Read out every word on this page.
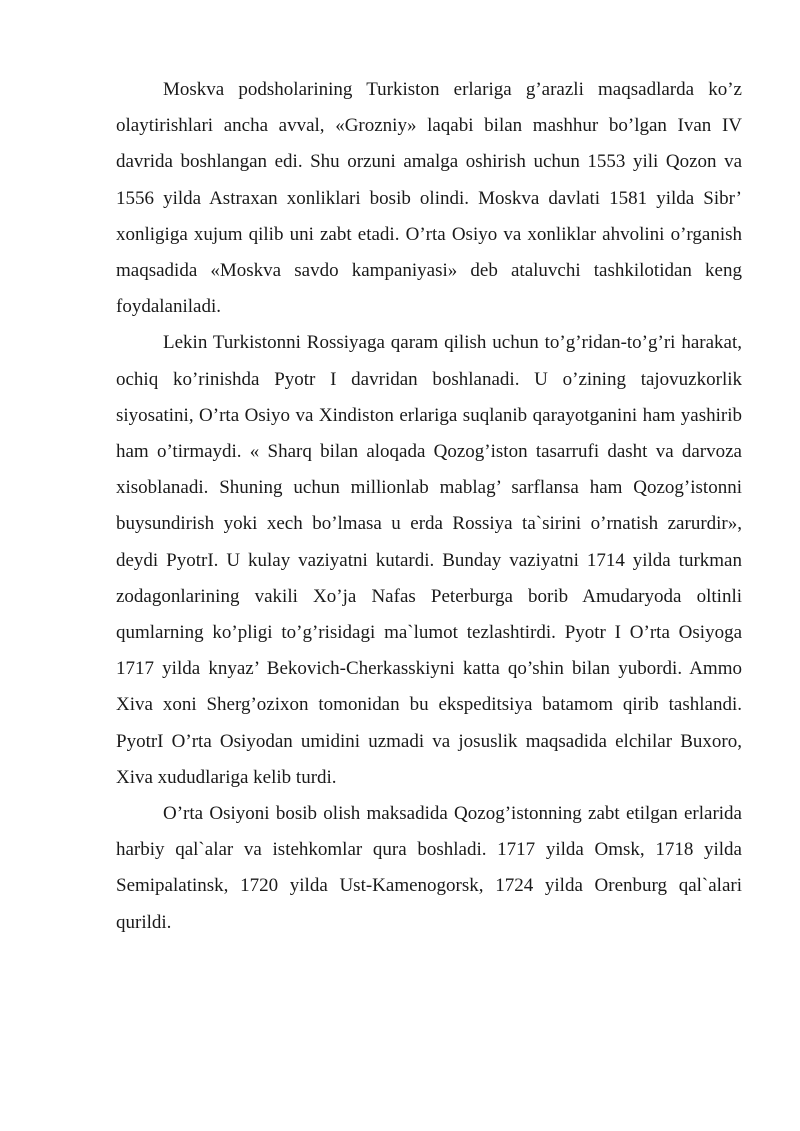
Moskva podsholarining Turkiston erlariga g’arazli maqsadlarda ko’z olaytirishlari ancha avval, «Grozniy» laqabi bilan mashhur bo’lgan Ivan IV davrida boshlangan edi. Shu orzuni amalga oshirish uchun 1553 yili Qozon va 1556 yilda Astraxan xonliklari bosib olindi. Moskva davlati 1581 yilda Sibr’ xonligiga xujum qilib uni zabt etadi. O’rta Osiyo va xonliklar ahvolini o’rganish maqsadida «Moskva savdo kampaniyasi» deb ataluvchi tashkilotidan keng foydalaniladi.

Lekin Turkistonni Rossiyaga qaram qilish uchun to’g’ridan-to’g’ri harakat, ochiq ko’rinishda Pyotr I davridan boshlanadi. U o’zining tajovuzkorlik siyosatini, O’rta Osiyo va Xindiston erlariga suqlanib qarayotganini ham yashirib ham o’tirmaydi. « Sharq bilan aloqada Qozog’iston tasarrufi dasht va darvoza xisoblanadi. Shuning uchun millionlab mablag’ sarflansa ham Qozog’istonni buysundirish yoki xech bo’lmasa u erda Rossiya ta`sirini o’rnatish zarurdir», deydi PyotrI. U kulay vaziyatni kutardi. Bunday vaziyatni 1714 yilda turkman zodagonlarining vakili Xo’ja Nafas Peterburga borib Amudaryoda oltinli qumlarning ko’pligi to’g’risidagi ma`lumot tezlashtirdi. Pyotr I O’rta Osiyoga 1717 yilda knyaz’ Bekovich-Cherkasskiyni katta qo’shin bilan yubordi. Ammo Xiva xoni Sherg’ozixon tomonidan bu ekspeditsiya batamom qirib tashlandi. PyotrI O’rta Osiyodan umidini uzmadi va josuslik maqsadida elchilar Buxoro, Xiva xududlariga kelib turdi.

O’rta Osiyoni bosib olish maksadida Qozog’istonning zabt etilgan erlarida harbiy qal`alar va istehkomlar qura boshladi. 1717 yilda Omsk, 1718 yilda Semipalatinsk, 1720 yilda Ust-Kamenogorsk, 1724 yilda Orenburg qal`alari qurildi.
